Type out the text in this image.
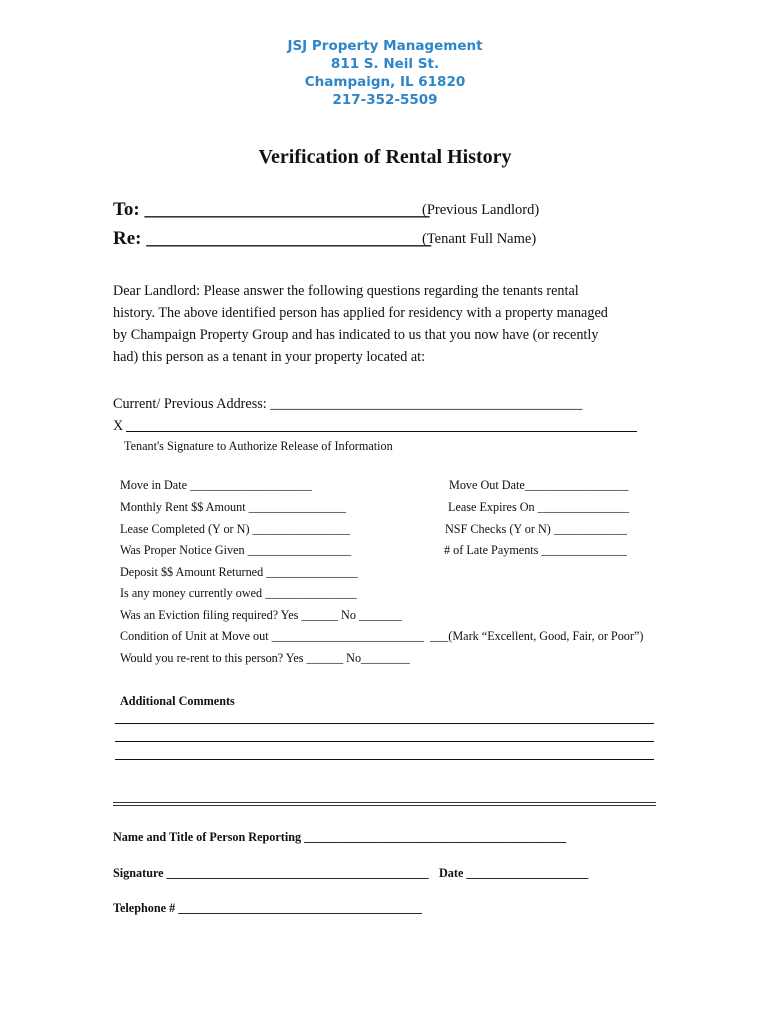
JSJ Property Management
811 S. Neil St.
Champaign, IL 61820
217-352-5509
Verification of Rental History
To: ______________________________
(Previous Landlord)
Re: ______________________________
(Tenant Full Name)
Dear Landlord: Please answer the following questions regarding the tenants rental
history. The above identified person has applied for residency with a property managed
by Champaign Property Group and has indicated to us that you now have (or recently
had) this person as a tenant in your property located at:
Current/ Previous Address: ____________________________________________
X
Tenant's Signature to Authorize Release of Information
Move in Date ____________________
Monthly Rent $$ Amount ________________
Lease Completed (Y or N) ________________
Was Proper Notice Given _________________
Deposit $$ Amount Returned _______________
Is any money currently owed _______________
Was an Eviction filing required? Yes ______ No _______
Condition of Unit at Move out _________________________ ___(Mark “Excellent, Good, Fair, or Poor”)
Would you re-rent to this person? Yes ______ No________
Move Out Date_________________
Lease Expires On _______________
NSF Checks (Y or N) ____________
# of Late Payments ______________
Additional Comments
Name and Title of Person Reporting ___________________________________________
Signature ___________________________________________ Date ____________________
Telephone # ________________________________________
